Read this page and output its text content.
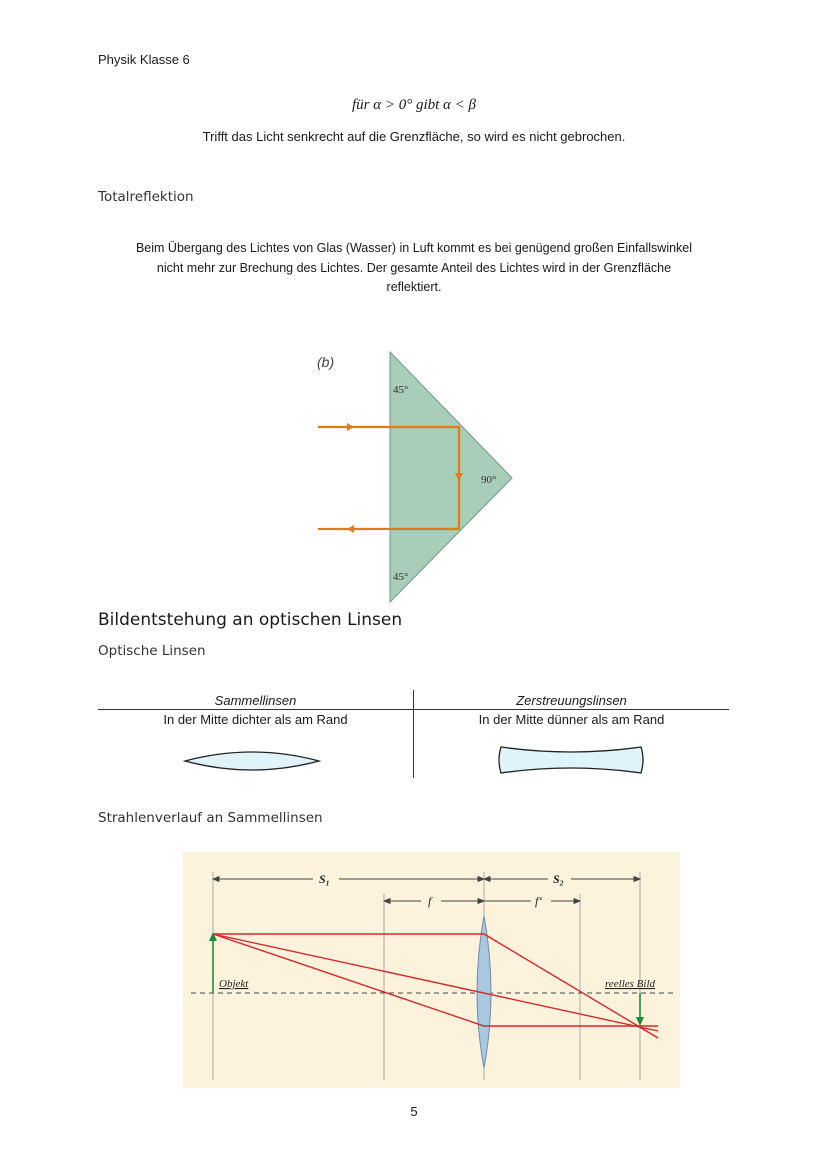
Physik Klasse 6
für α > 0° gibt α < β
Trifft das Licht senkrecht auf die Grenzfläche, so wird es nicht gebrochen.
Totalreflektion
Beim Übergang des Lichtes von Glas (Wasser) in Luft kommt es bei genügend großen Einfallswinkel
nicht mehr zur Brechung des Lichtes. Der gesamte Anteil des Lichtes wird in der Grenzfläche
reflektiert.
(b)
45°
90°
45°
Bildentstehung an optischen Linsen
Optische Linsen
Sammellinsen	Zerstreuungslinsen
In der Mitte dichter als am Rand	In der Mitte dünner als am Rand
Strahlenverlauf an Sammellinsen
S₁	S₂
f	f‘
Objekt	reelles Bild
5
